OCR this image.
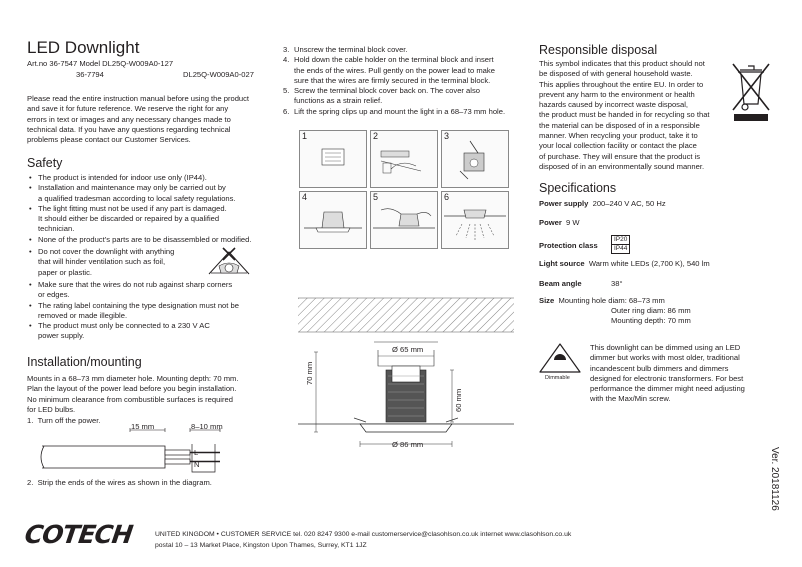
LED Downlight
Art.no 36-7547 Model DL25Q-W009A0-127
36-7794	DL25Q-W009A0-027
Please read the entire instruction manual before using the product
and save it for future reference. We reserve the right for any
errors in text or images and any necessary changes made to
technical data. If you have any questions regarding technical
problems please contact our Customer Services.
Safety
• The product is intended for indoor use only (IP44).
• Installation and maintenance may only be carried out by
a qualified tradesman according to local safety regulations.
• The light fitting must not be used if any part is damaged.
It should either be discarded or repaired by a qualified
technician.
• None of the product’s parts are to be disassembled or modified.
• Do not cover the downlight with anything
that will hinder ventilation such as foil,
paper or plastic.
• Make sure that the wires do not rub against sharp corners
or edges.
• The rating label containing the type designation must not be
removed or made illegible.
• The product must only be connected to a 230 V AC
power supply.
Installation/mounting
Mounts in a 68–73 mm diameter hole. Mounting depth: 70 mm.
Plan the layout of the power lead before you begin installation.
No minimum clearance from combustible surfaces is required
for LED bulbs.
1.  Turn off the power.
15 mm	8–10 mm
L
N
2.  Strip the ends of the wires as shown in the diagram.
3. Unscrew the terminal block cover.
4. Hold down the cable holder on the terminal block and insert
the ends of the wires. Pull gently on the power lead to make
sure that the wires are firmly secured in the terminal block.
5. Screw the terminal block cover back on. The cover also
functions as a strain relief.
6. Lift the spring clips up and mount the light in a 68–73 mm hole.
1	2	3
4	5	6
Ø 65 mm
Ø 86 mm
70 mm
60 mm
Responsible disposal
This symbol indicates that this product should not
be disposed of with general household waste.
This applies throughout the entire EU. In order to
prevent any harm to the environment or health
hazards caused by incorrect waste disposal,
the product must be handed in for recycling so that
the material can be disposed of in a responsible
manner. When recycling your product, take it to
your local collection facility or contact the place
of purchase. They will ensure that the product is
disposed of in an environmentally sound manner.
Specifications
Power supply 200–240 V AC, 50 Hz
Power 9 W
Protection class
IP20
IP44
Light source Warm white LEDs (2,700 K), 540 lm
Beam angle	38°
Size Mounting hole diam: 68–73 mm
Outer ring diam: 86 mm
Mounting depth: 70 mm
Dimmable
This downlight can be dimmed using an LED
dimmer but works with most older, traditional
incandescent bulb dimmers and dimmers
designed for electronic transformers. For best
performance the dimmer might need adjusting
with the Max/Min screw.
Ver. 20181126
COTECH	UNITED KINGDOM • CUSTOMER SERVICE tel. 020 8247 9300 e-mail customerservice@clasohlson.co.uk internet www.clasohlson.co.uk
postal 10 – 13 Market Place, Kingston Upon Thames, Surrey, KT1 1JZ
